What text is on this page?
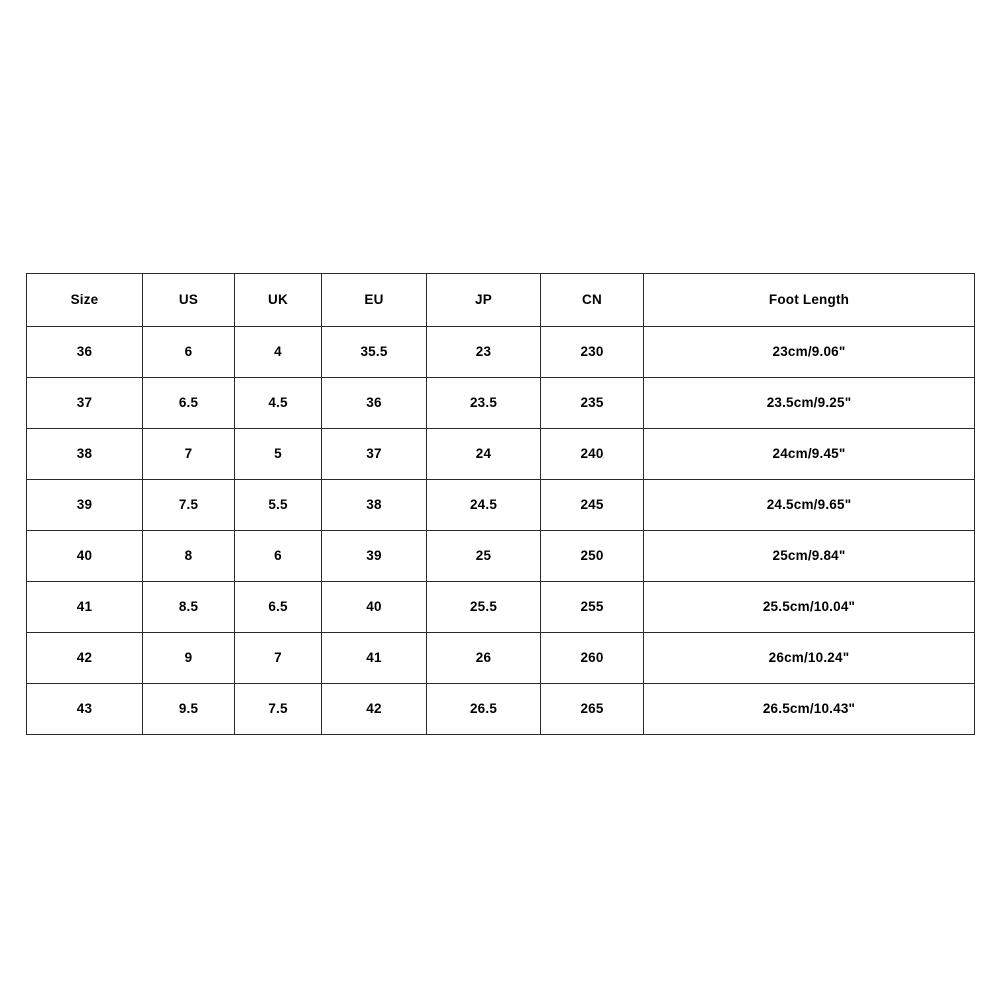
Size	US	UK	EU	JP	CN	Foot Length
36	6	4	35.5	23	230	23cm/9.06"
37	6.5	4.5	36	23.5	235	23.5cm/9.25"
38	7	5	37	24	240	24cm/9.45"
39	7.5	5.5	38	24.5	245	24.5cm/9.65"
40	8	6	39	25	250	25cm/9.84"
41	8.5	6.5	40	25.5	255	25.5cm/10.04"
42	9	7	41	26	260	26cm/10.24"
43	9.5	7.5	42	26.5	265	26.5cm/10.43"
